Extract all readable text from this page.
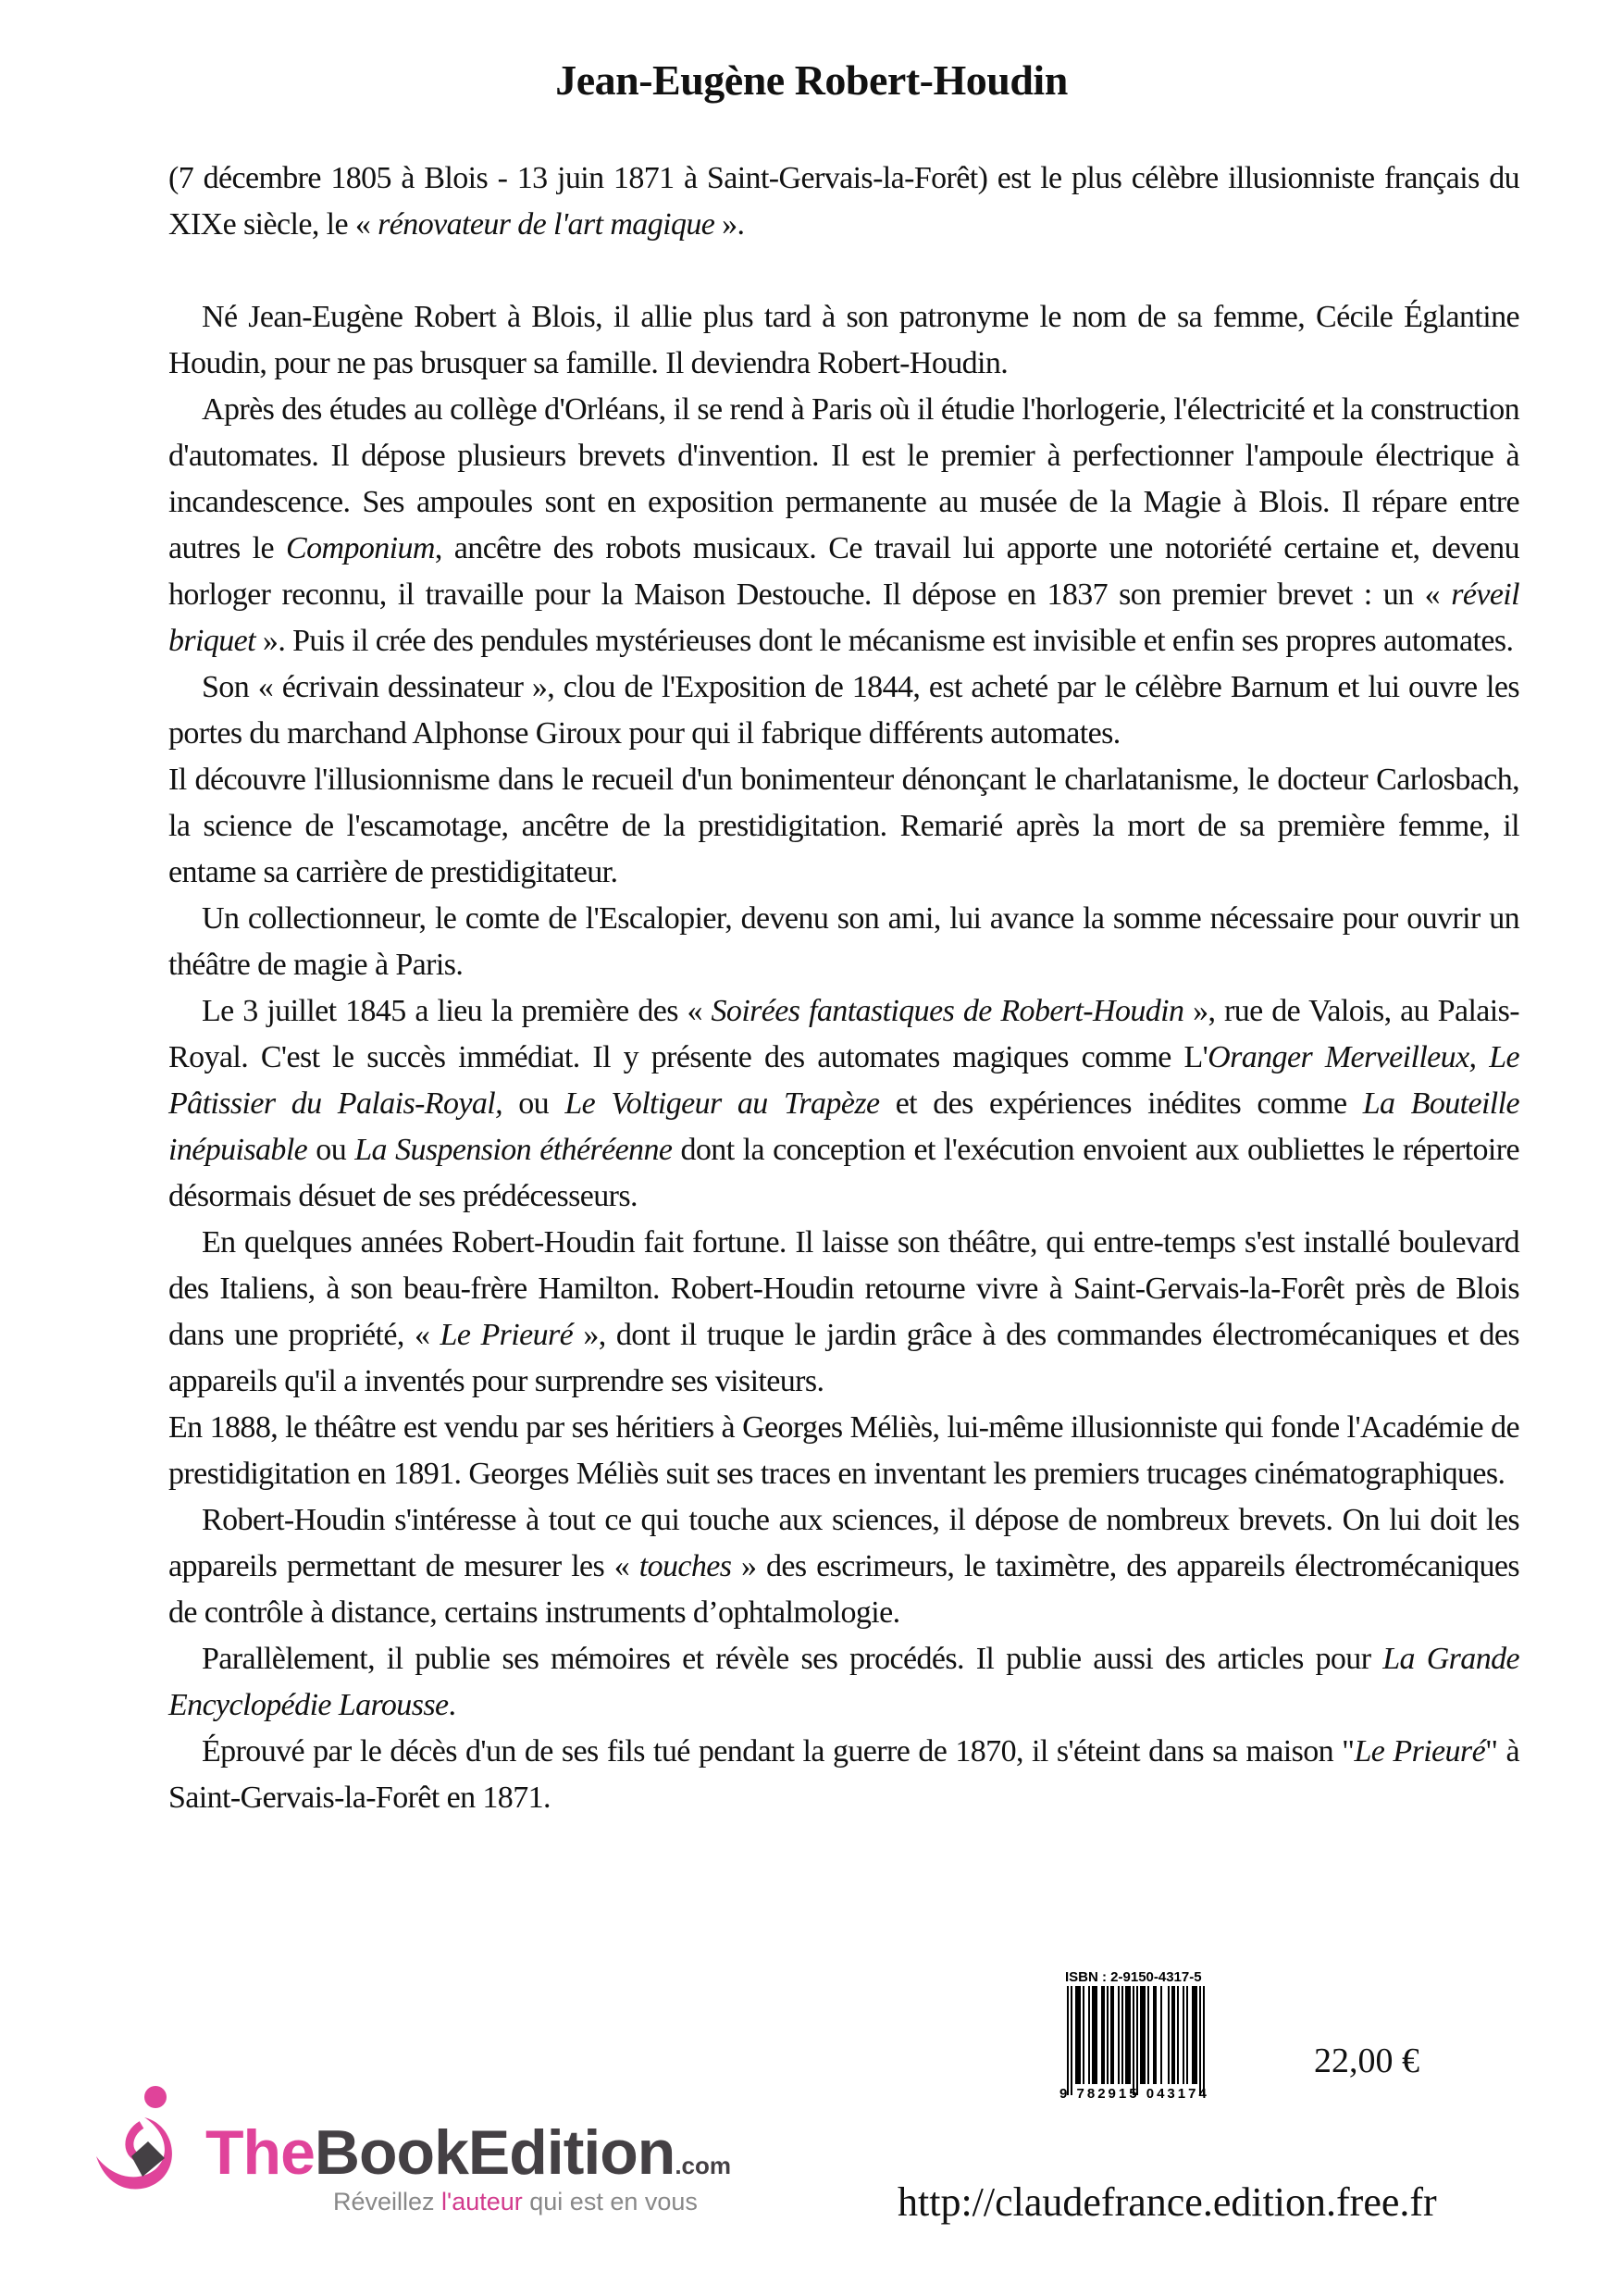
Jean-Eugène Robert-Houdin

(7 décembre 1805 à Blois - 13 juin 1871 à Saint-Gervais-la-Forêt) est le plus célèbre illusionniste français du XIXe siècle, le « rénovateur de l'art magique ».

Né Jean-Eugène Robert à Blois, il allie plus tard à son patronyme le nom de sa femme, Cécile Églantine Houdin, pour ne pas brusquer sa famille. Il deviendra Robert-Houdin.

Après des études au collège d'Orléans, il se rend à Paris où il étudie l'horlogerie, l'électricité et la construction d'automates. Il dépose plusieurs brevets d'invention. Il est le premier à perfectionner l'ampoule électrique à incandescence. Ses ampoules sont en exposition permanente au musée de la Magie à Blois. Il répare entre autres le Componium, ancêtre des robots musicaux. Ce travail lui apporte une notoriété certaine et, devenu horloger reconnu, il travaille pour la Maison Destouche. Il dépose en 1837 son premier brevet : un « réveil briquet ». Puis il crée des pendules mystérieuses dont le mécanisme est invisible et enfin ses propres automates.

Son « écrivain dessinateur », clou de l'Exposition de 1844, est acheté par le célèbre Barnum et lui ouvre les portes du marchand Alphonse Giroux pour qui il fabrique différents automates.

Il découvre l'illusionnisme dans le recueil d'un bonimenteur dénonçant le charlatanisme, le docteur Carlosbach, la science de l'escamotage, ancêtre de la prestidigitation. Remarié après la mort de sa première femme, il entame sa carrière de prestidigitateur.

Un collectionneur, le comte de l'Escalopier, devenu son ami, lui avance la somme nécessaire pour ouvrir un théâtre de magie à Paris.

Le 3 juillet 1845 a lieu la première des « Soirées fantastiques de Robert-Houdin », rue de Valois, au Palais-Royal. C'est le succès immédiat. Il y présente des automates magiques comme L'Oranger Merveilleux, Le Pâtissier du Palais-Royal, ou Le Voltigeur au Trapèze et des expériences inédites comme La Bouteille inépuisable ou La Suspension éthéréenne dont la conception et l'exécution envoient aux oubliettes le répertoire désormais désuet de ses prédécesseurs.

En quelques années Robert-Houdin fait fortune. Il laisse son théâtre, qui entre-temps s'est installé boulevard des Italiens, à son beau-frère Hamilton. Robert-Houdin retourne vivre à Saint-Gervais-la-Forêt près de Blois dans une propriété, « Le Prieuré », dont il truque le jardin grâce à des commandes électromécaniques et des appareils qu'il a inventés pour surprendre ses visiteurs.

En 1888, le théâtre est vendu par ses héritiers à Georges Méliès, lui-même illusionniste qui fonde l'Académie de prestidigitation en 1891. Georges Méliès suit ses traces en inventant les premiers trucages cinématographiques.

Robert-Houdin s'intéresse à tout ce qui touche aux sciences, il dépose de nombreux brevets. On lui doit les appareils permettant de mesurer les « touches » des escrimeurs, le taximètre, des appareils électromécaniques de contrôle à distance, certains instruments d’ophtalmologie.

Parallèlement, il publie ses mémoires et révèle ses procédés. Il publie aussi des articles pour La Grande Encyclopédie Larousse.

Éprouvé par le décès d'un de ses fils tué pendant la guerre de 1870, il s'éteint dans sa maison "Le Prieuré" à Saint-Gervais-la-Forêt en 1871.

ISBN : 2-9150-4317-5
9 782915 043174
22,00 €
TheBookEdition.com
Réveillez l'auteur qui est en vous	http://claudefrance.edition.free.fr
